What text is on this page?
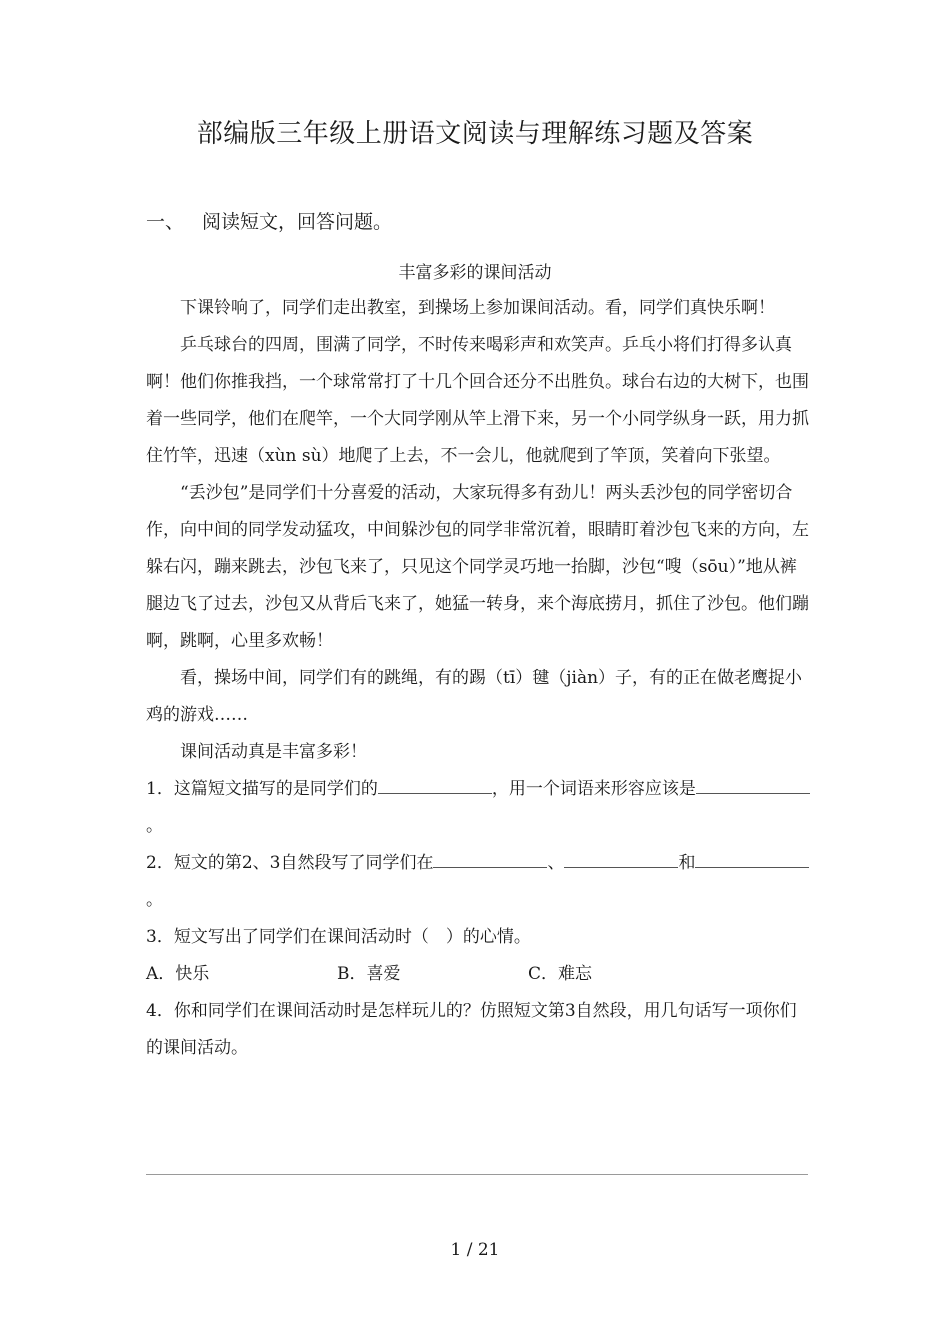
部编版三年级上册语文阅读与理解练习题及答案
一、 阅读短文，回答问题。
丰富多彩的课间活动

下课铃响了，同学们走出教室，到操场上参加课间活动。看，同学们真快乐啊！

乒乓球台的四周，围满了同学，不时传来喝彩声和欢笑声。乒乓小将们打得多认真啊！他们你推我挡，一个球常常打了十几个回合还分不出胜负。球台右边的大树下，也围着一些同学，他们在爬竿，一个大同学刚从竿上滑下来，另一个小同学纵身一跃，用力抓住竹竿，迅速（xùn sù）地爬了上去，不一会儿，他就爬到了竿顶，笑着向下张望。

“丢沙包”是同学们十分喜爱的活动，大家玩得多有劲儿！两头丢沙包的同学密切合作，向中间的同学发动猛攻，中间躲沙包的同学非常沉着，眼睛盯着沙包飞来的方向，左躲右闪，蹦来跳去，沙包飞来了，只见这个同学灵巧地一抬脚，沙包“嗖（sōu）”地从裤腿边飞了过去，沙包又从背后飞来了，她猛一转身，来个海底捞月，抓住了沙包。他们蹦啊，跳啊，心里多欢畅！

看，操场中间，同学们有的跳绳，有的踢（tī）毽（jiàn）子，有的正在做老鹰捉小鸡的游戏……

课间活动真是丰富多彩！

1．这篇短文描写的是同学们的	，用一个词语来形容应该是。

2．短文的第2、3自然段写了同学们在	、	和。

3．短文写出了同学们在课间活动时（　）的心情。

A．快乐	B．喜爱	C．难忘

4．你和同学们在课间活动时是怎样玩儿的？仿照短文第3自然段，用几句话写一项你们的课间活动。

1 / 21
